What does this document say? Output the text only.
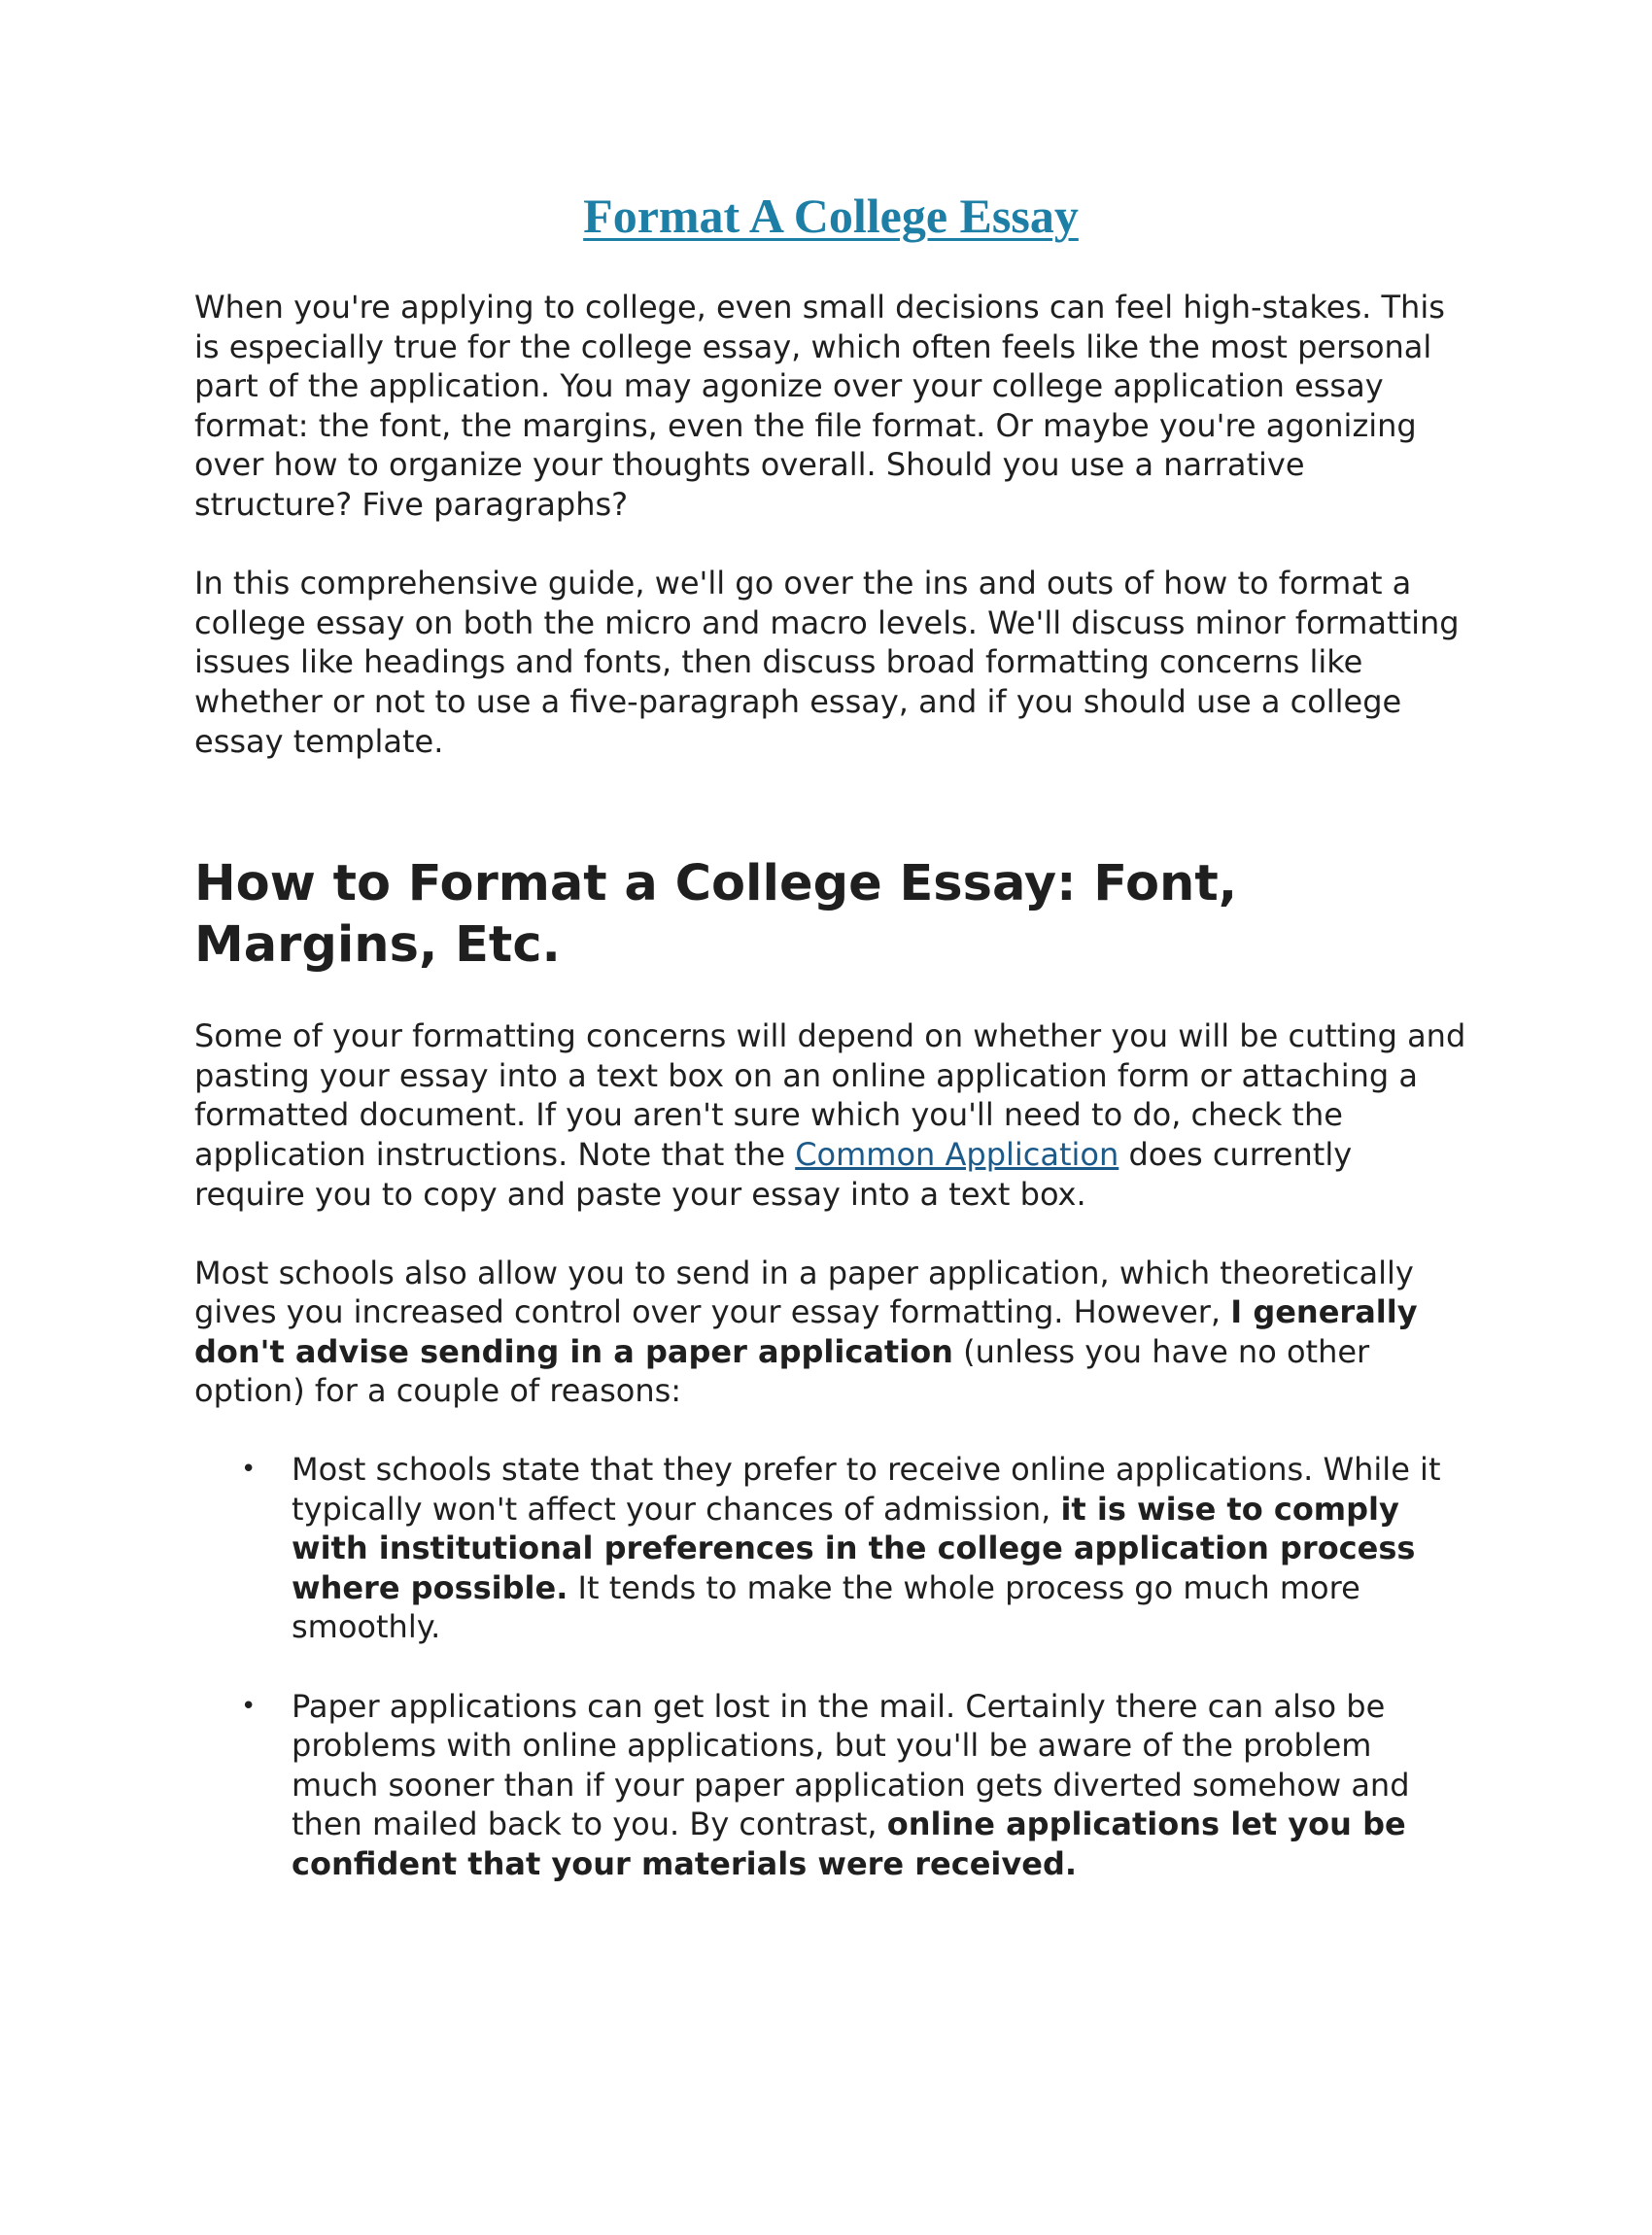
Format A College Essay

When you're applying to college, even small decisions can feel high-stakes. This is especially true for the college essay, which often feels like the most personal part of the application. You may agonize over your college application essay format: the font, the margins, even the file format. Or maybe you're agonizing over how to organize your thoughts overall. Should you use a narrative structure? Five paragraphs?

In this comprehensive guide, we'll go over the ins and outs of how to format a college essay on both the micro and macro levels. We'll discuss minor formatting issues like headings and fonts, then discuss broad formatting concerns like whether or not to use a five-paragraph essay, and if you should use a college essay template.

How to Format a College Essay: Font, Margins, Etc.

Some of your formatting concerns will depend on whether you will be cutting and pasting your essay into a text box on an online application form or attaching a formatted document. If you aren't sure which you'll need to do, check the application instructions. Note that the Common Application does currently require you to copy and paste your essay into a text box.

Most schools also allow you to send in a paper application, which theoretically gives you increased control over your essay formatting. However, I generally don't advise sending in a paper application (unless you have no other option) for a couple of reasons:

• Most schools state that they prefer to receive online applications. While it typically won't affect your chances of admission, it is wise to comply with institutional preferences in the college application process where possible. It tends to make the whole process go much more smoothly.
• Paper applications can get lost in the mail. Certainly there can also be problems with online applications, but you'll be aware of the problem much sooner than if your paper application gets diverted somehow and then mailed back to you. By contrast, online applications let you be confident that your materials were received.
